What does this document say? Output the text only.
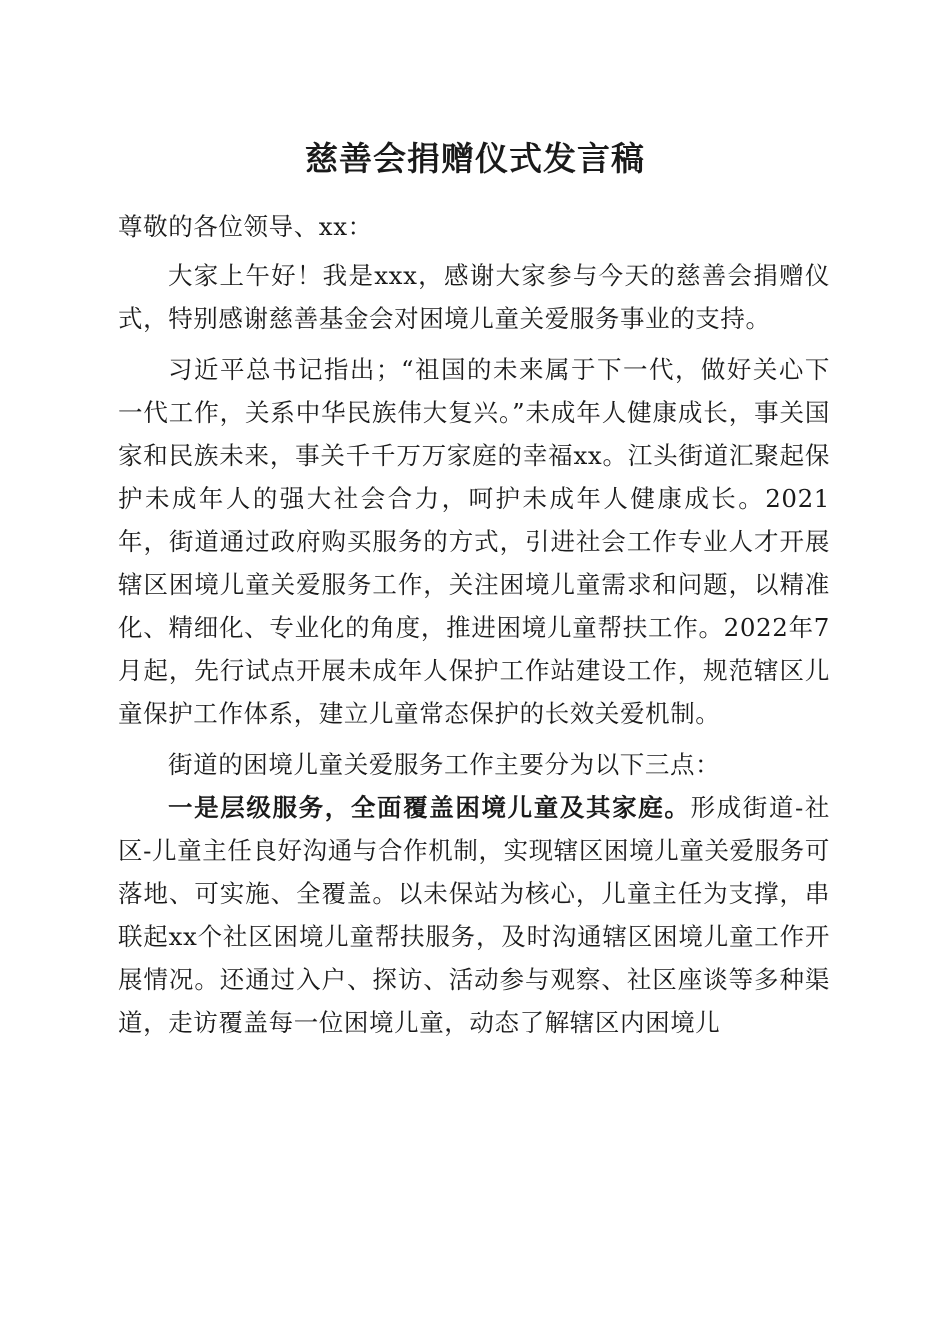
慈善会捐赠仪式发言稿

尊敬的各位领导、xx：

大家上午好！我是xxx，感谢大家参与今天的慈善会捐赠仪式，特别感谢慈善基金会对困境儿童关爱服务事业的支持。

习近平总书记指出；“祖国的未来属于下一代，做好关心下一代工作，关系中华民族伟大复兴。”未成年人健康成长，事关国家和民族未来，事关千千万万家庭的幸福xx。江头街道汇聚起保护未成年人的强大社会合力，呵护未成年人健康成长。2021年，街道通过政府购买服务的方式，引进社会工作专业人才开展辖区困境儿童关爱服务工作，关注困境儿童需求和问题，以精准化、精细化、专业化的角度，推进困境儿童帮扶工作。2022年7月起，先行试点开展未成年人保护工作站建设工作，规范辖区儿童保护工作体系，建立儿童常态保护的长效关爱机制。

街道的困境儿童关爱服务工作主要分为以下三点：

一是层级服务，全面覆盖困境儿童及其家庭。形成街道-社区-儿童主任良好沟通与合作机制，实现辖区困境儿童关爱服务可落地、可实施、全覆盖。以未保站为核心，儿童主任为支撑，串联起xx个社区困境儿童帮扶服务，及时沟通辖区困境儿童工作开展情况。还通过入户、探访、活动参与观察、社区座谈等多种渠道，走访覆盖每一位困境儿童，动态了解辖区内困境儿
